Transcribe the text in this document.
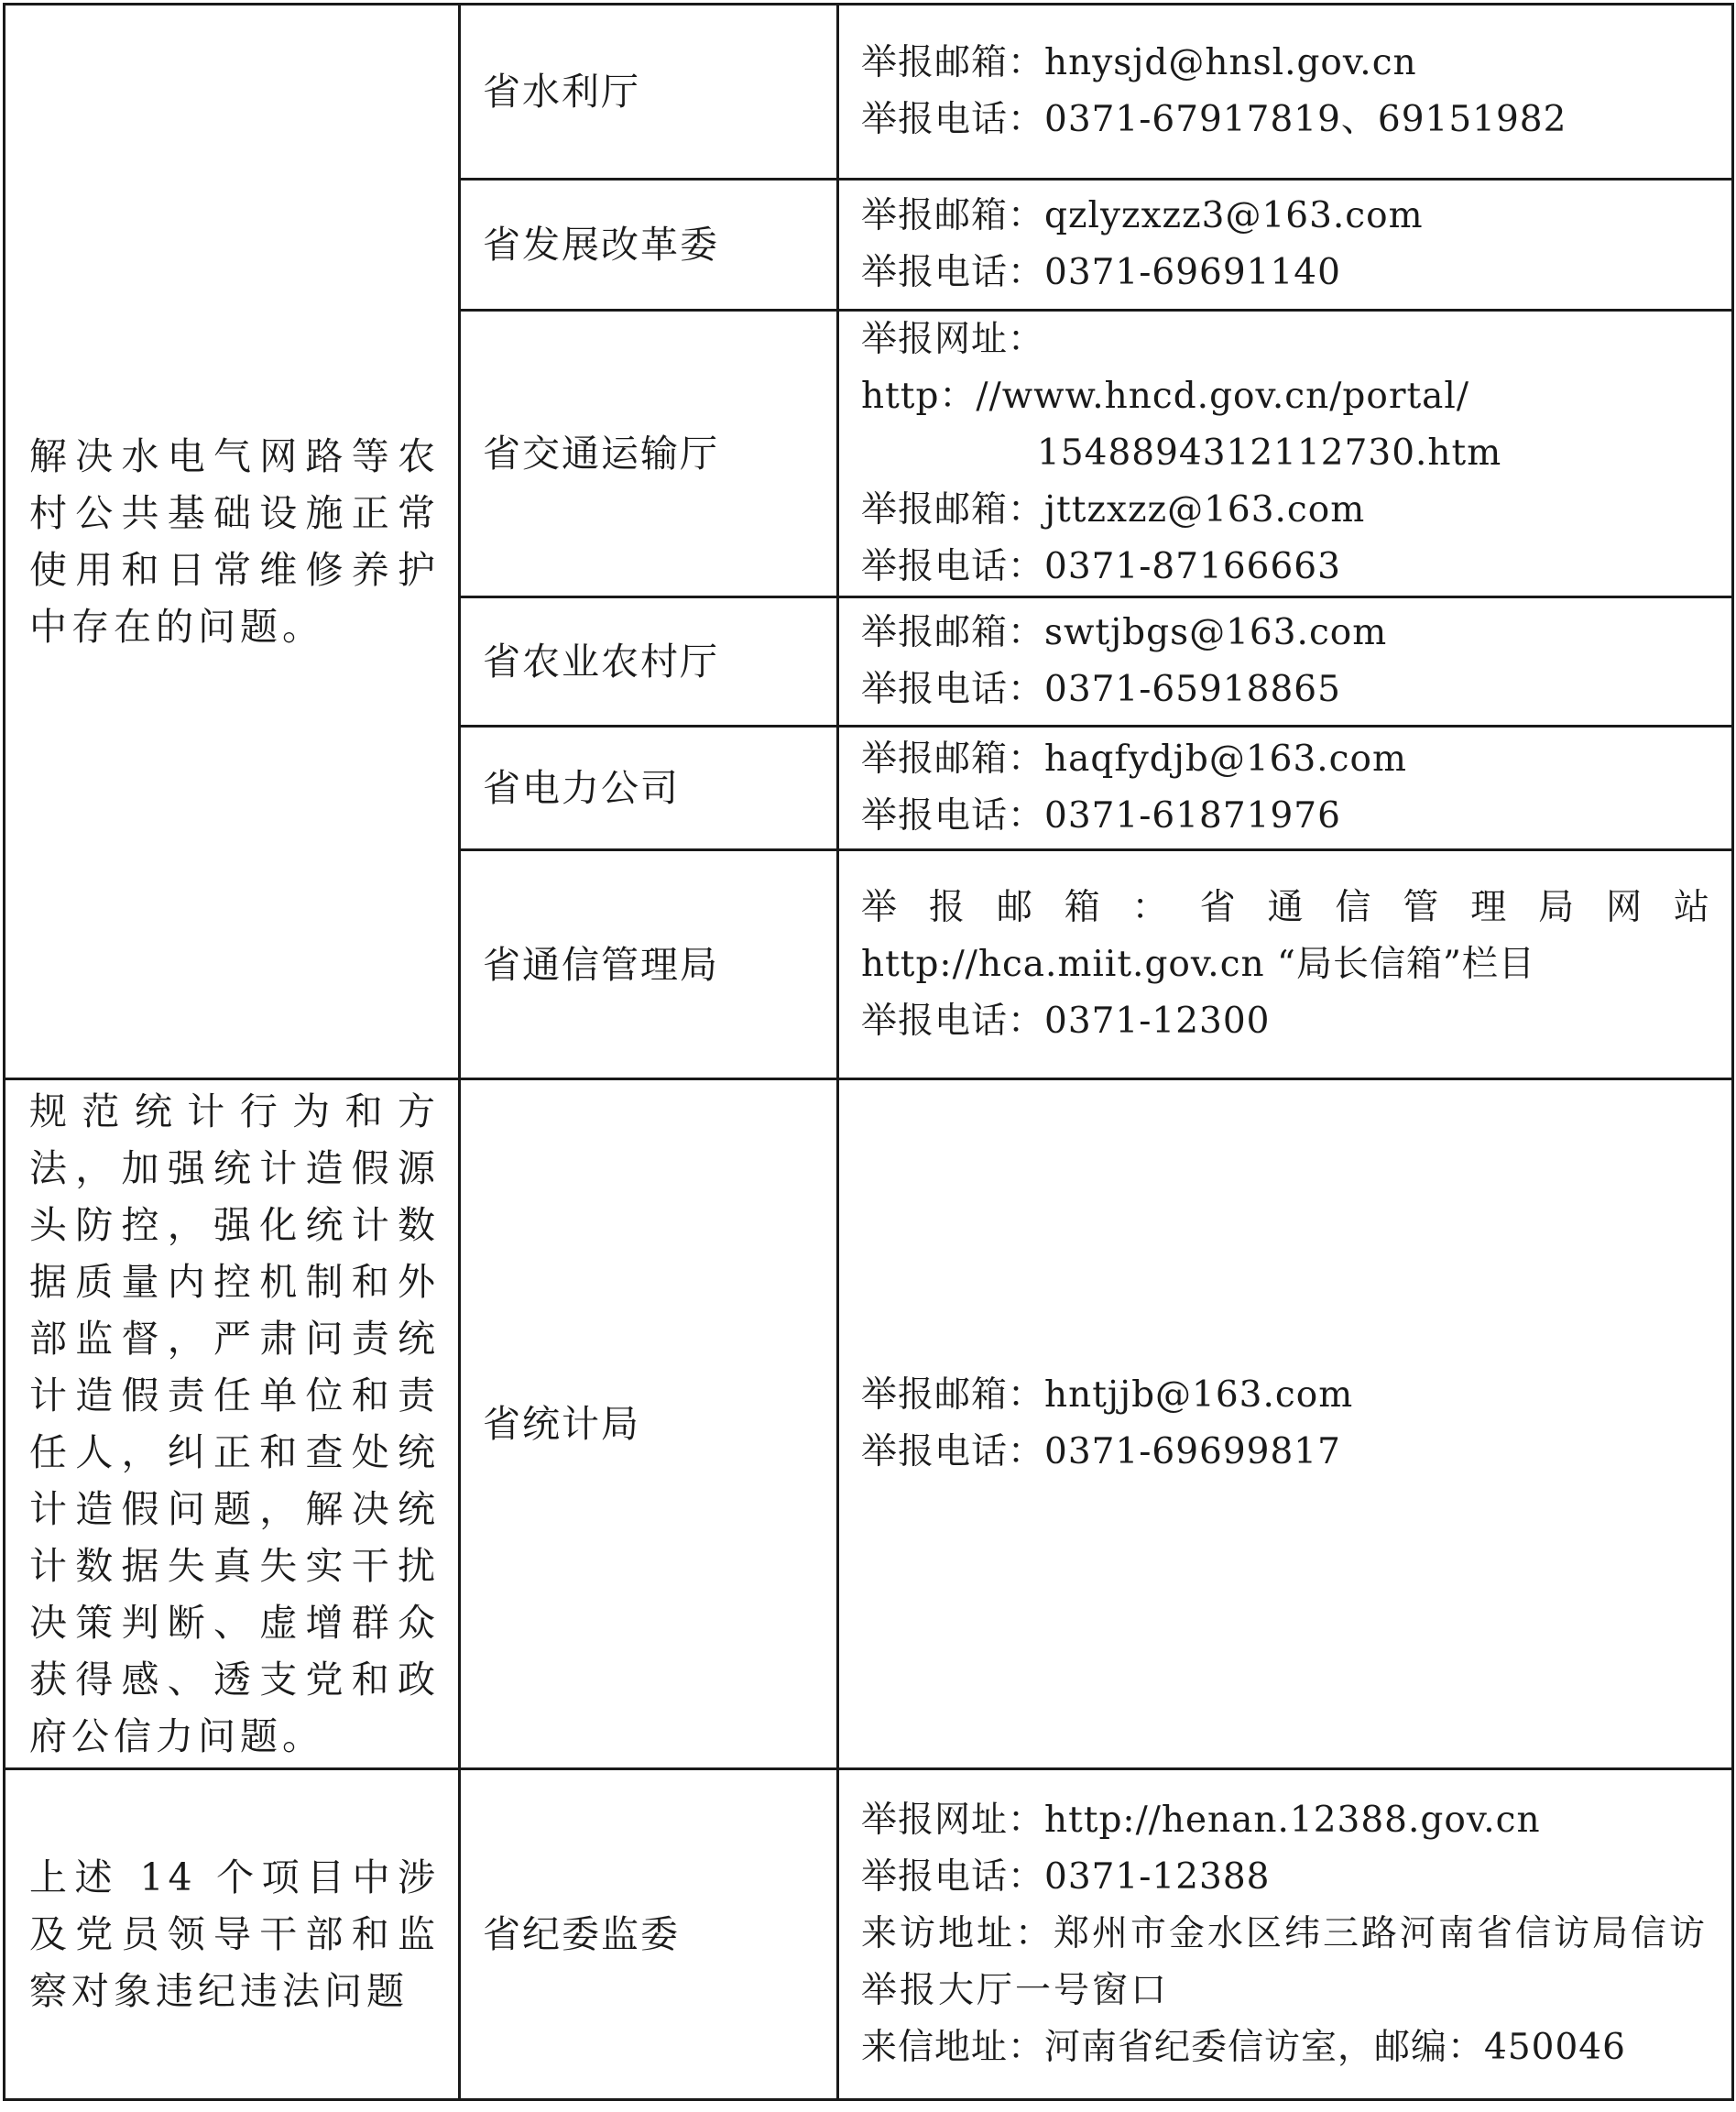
解决水电气网路等农村公共基础设施正常使用和日常维修养护中存在的问题。	省水利厅	举报邮箱：hnysjd@hnsl.gov.cn
举报电话：0371-67917819、69151982

	省发展改革委	举报邮箱：qzlyzxzz3@163.com
举报电话：0371-69691140

	省交通运输厅	举报网址：
http：//www.hncd.gov.cn/portal/
1548894312112730.htm
举报邮箱：jttzxzz@163.com
举报电话：0371-87166663

	省农业农村厅	举报邮箱：swtjbgs@163.com
举报电话：0371-65918865

	省电力公司	举报邮箱：haqfydjb@163.com
举报电话：0371-61871976

	省通信管理局	举报邮箱：省通信管理局网站
http://hca.miit.gov.cn “局长信箱”栏目
举报电话：0371-12300

规范统计行为和方法，加强统计造假源头防控，强化统计数据质量内控机制和外部监督，严肃问责统计造假责任单位和责任人，纠正和查处统计造假问题，解决统计数据失真失实干扰决策判断、虚增群众获得感、透支党和政府公信力问题。	省统计局	举报邮箱：hntjjb@163.com
举报电话：0371-69699817

上述 14 个项目中涉及党员领导干部和监察对象违纪违法问题	省纪委监委	举报网址：http://henan.12388.gov.cn
举报电话：0371-12388
来访地址：郑州市金水区纬三路河南省信访局信访举报大厅一号窗口
来信地址：河南省纪委信访室，邮编：450046
